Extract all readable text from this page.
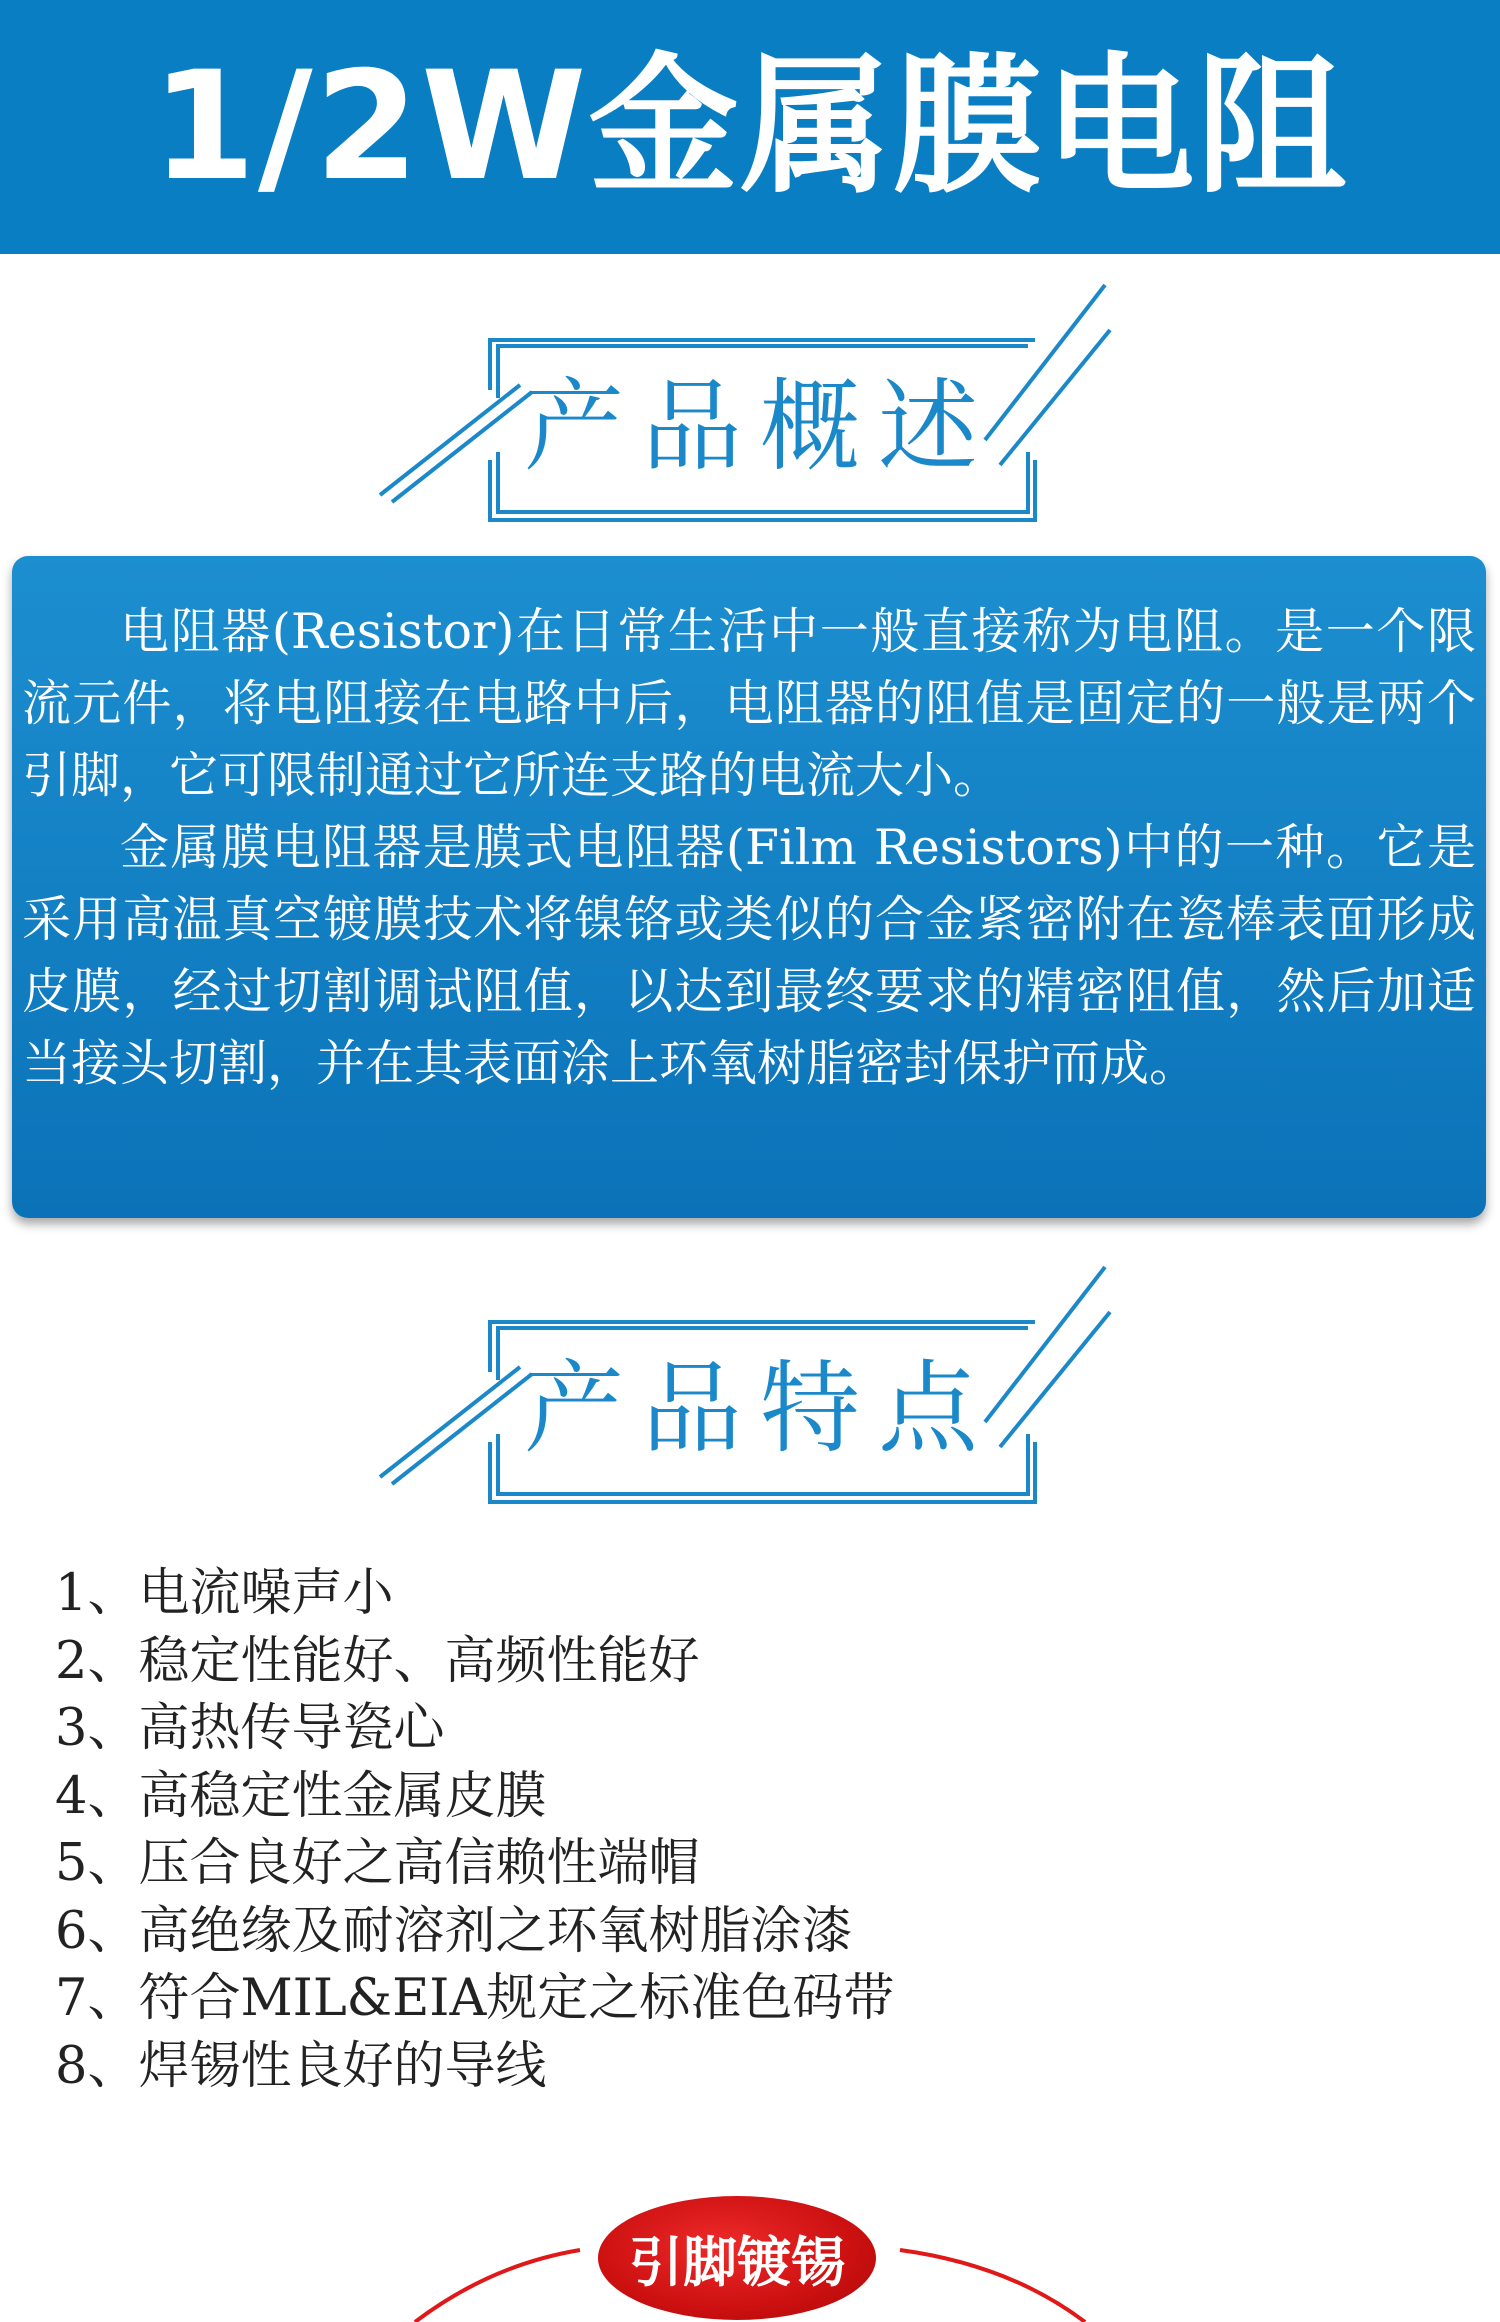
1/2W金属膜电阻
产品概述

电阻器(Resistor)在日常生活中一般直接称为电阻。是一个限流元件，将电阻接在电路中后，电阻器的阻值是固定的一般是两个引脚，它可限制通过它所连支路的电流大小。

金属膜电阻器是膜式电阻器(Film Resistors)中的一种。它是采用高温真空镀膜技术将镍铬或类似的合金紧密附在瓷棒表面形成皮膜，经过切割调试阻值，以达到最终要求的精密阻值，然后加适当接头切割，并在其表面涂上环氧树脂密封保护而成。

产品特点
1、电流噪声小
2、稳定性能好、高频性能好
3、高热传导瓷心
4、高稳定性金属皮膜
5、压合良好之高信赖性端帽
6、高绝缘及耐溶剂之环氧树脂涂漆
7、符合MIL&EIA规定之标准色码带
8、焊锡性良好的导线
引脚镀锡
